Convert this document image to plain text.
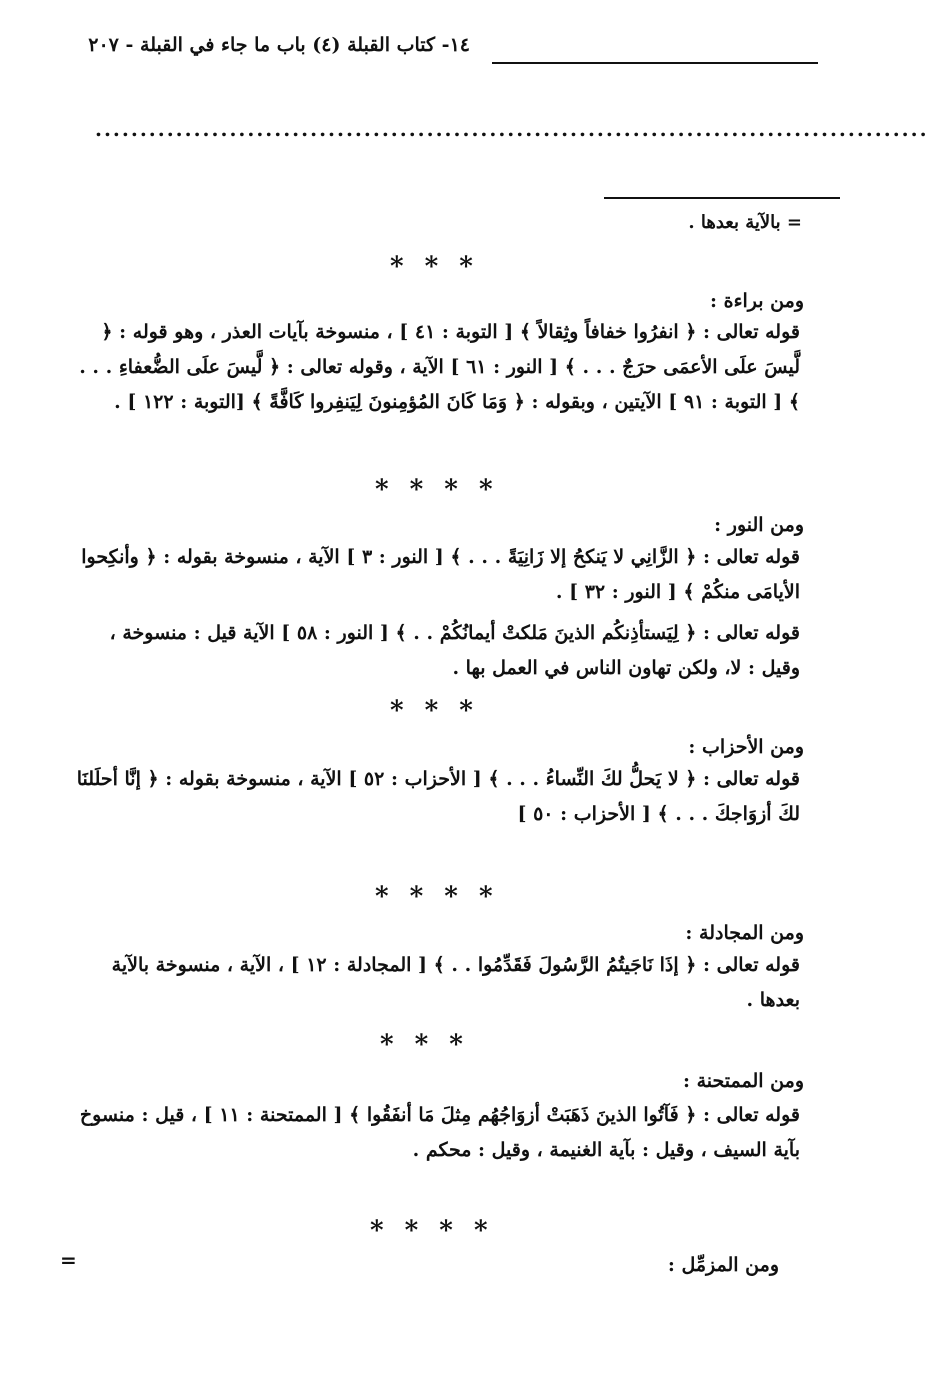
١٤- كتاب القبلة (٤) باب ما جاء في القبلة - ٢٠٧
.............................................................................................
= بالآية بعدها .
* * *
ومن براءة :
قوله تعالى : ﴿ انفرُوا خفافاً وثِقالاً ﴾ [ التوبة : ٤١ ] ، منسوخة بآيات العذر ، وهو قوله : ﴿ لَّيسَ علَى الأعمَى حرَجٌ . . . ﴾ [ النور : ٦١ ] الآية ، وقوله تعالى : ﴿ لَّيسَ علَى الضُّعفاءِ . . . ﴾ [ التوبة : ٩١ ] الآيتين ، وبقوله : ﴿ وَمَا كَانَ المُؤمِنونَ لِيَنفِروا كَافَّةً ﴾ [التوبة : ١٢٢ ] .
* * * *
ومن النور :
قوله تعالى : ﴿ الزَّانِي لا يَنكحُ إلا زَانِيَةً . . . ﴾ [ النور : ٣ ] الآية ، منسوخة بقوله : ﴿ وأنكِحوا الأيامَى منكُمْ ﴾ [ النور : ٣٢ ] .
قوله تعالى : ﴿ لِيَستأذِنكُم الذينَ مَلكتْ أيمانُكُمْ . . ﴾ [ النور : ٥٨ ] الآية قيل : منسوخة ، وقيل : لا، ولكن تهاون الناس في العمل بها .
* * *
ومن الأحزاب :
قوله تعالى : ﴿ لا يَحلُّ لكَ النِّساءُ . . . ﴾ [ الأحزاب : ٥٢ ] الآية ، منسوخة بقوله : ﴿ إنَّا أحلَلنَا لكَ أزوَاجكَ . . . ﴾ [ الأحزاب : ٥٠ ]
* * * *
ومن المجادلة :
قوله تعالى : ﴿ إذَا نَاجَيتُمُ الرَّسُولَ فَقَدِّمُوا . . ﴾ [ المجادلة : ١٢ ] ، الآية ، منسوخة بالآية بعدها .
* * *
ومن الممتحنة :
قوله تعالى : ﴿ فَآتُوا الذينَ ذَهَبَتْ أزوَاجُهُم مِثلَ مَا أنفَقُوا ﴾ [ الممتحنة : ١١ ] ، قيل : منسوخ بآية السيف ، وقيل : بآية الغنيمة ، وقيل : محكم .
* * * *
ومن المزمِّل :
=
